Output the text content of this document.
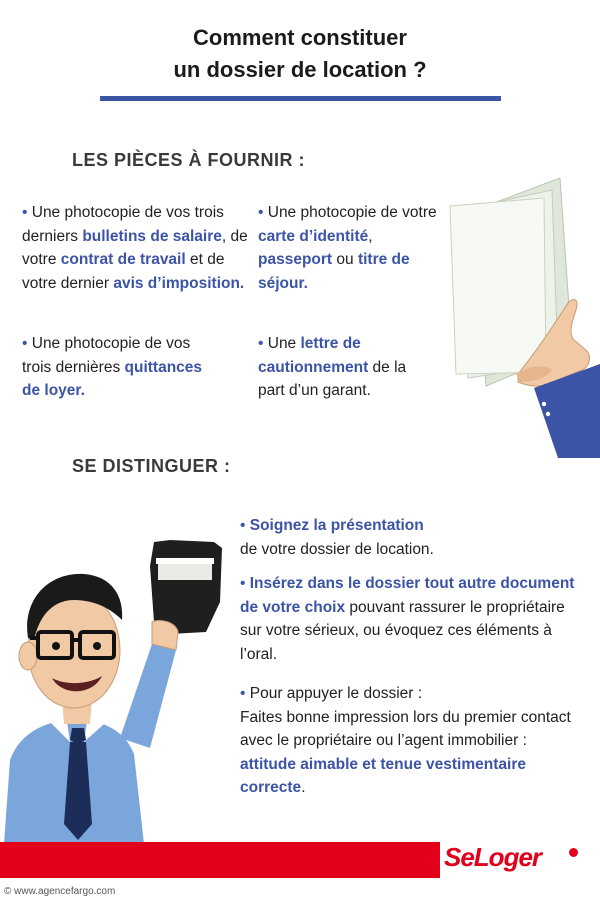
Comment constituer
un dossier de location ?
LES PIÈCES À FOURNIR :
• Une photocopie de vos trois derniers bulletins de salaire, de votre contrat de travail et de votre dernier avis d’imposition.
• Une photocopie de votre carte d’identité, passeport ou titre de séjour.
• Une photocopie de vos trois dernières quittances de loyer.
• Une lettre de cautionnement de la part d’un garant.
SE DISTINGUER :
• Soignez la présentation
de votre dossier de location.
• Insérez dans le dossier tout autre document de votre choix pouvant rassurer le propriétaire sur votre sérieux, ou évoquez ces éléments à l’oral.
• Pour appuyer le dossier :
Faites bonne impression lors du premier contact avec le propriétaire ou l’agent immobilier : attitude aimable et tenue vestimentaire correcte.
SeLoger
© www.agencefargo.com
